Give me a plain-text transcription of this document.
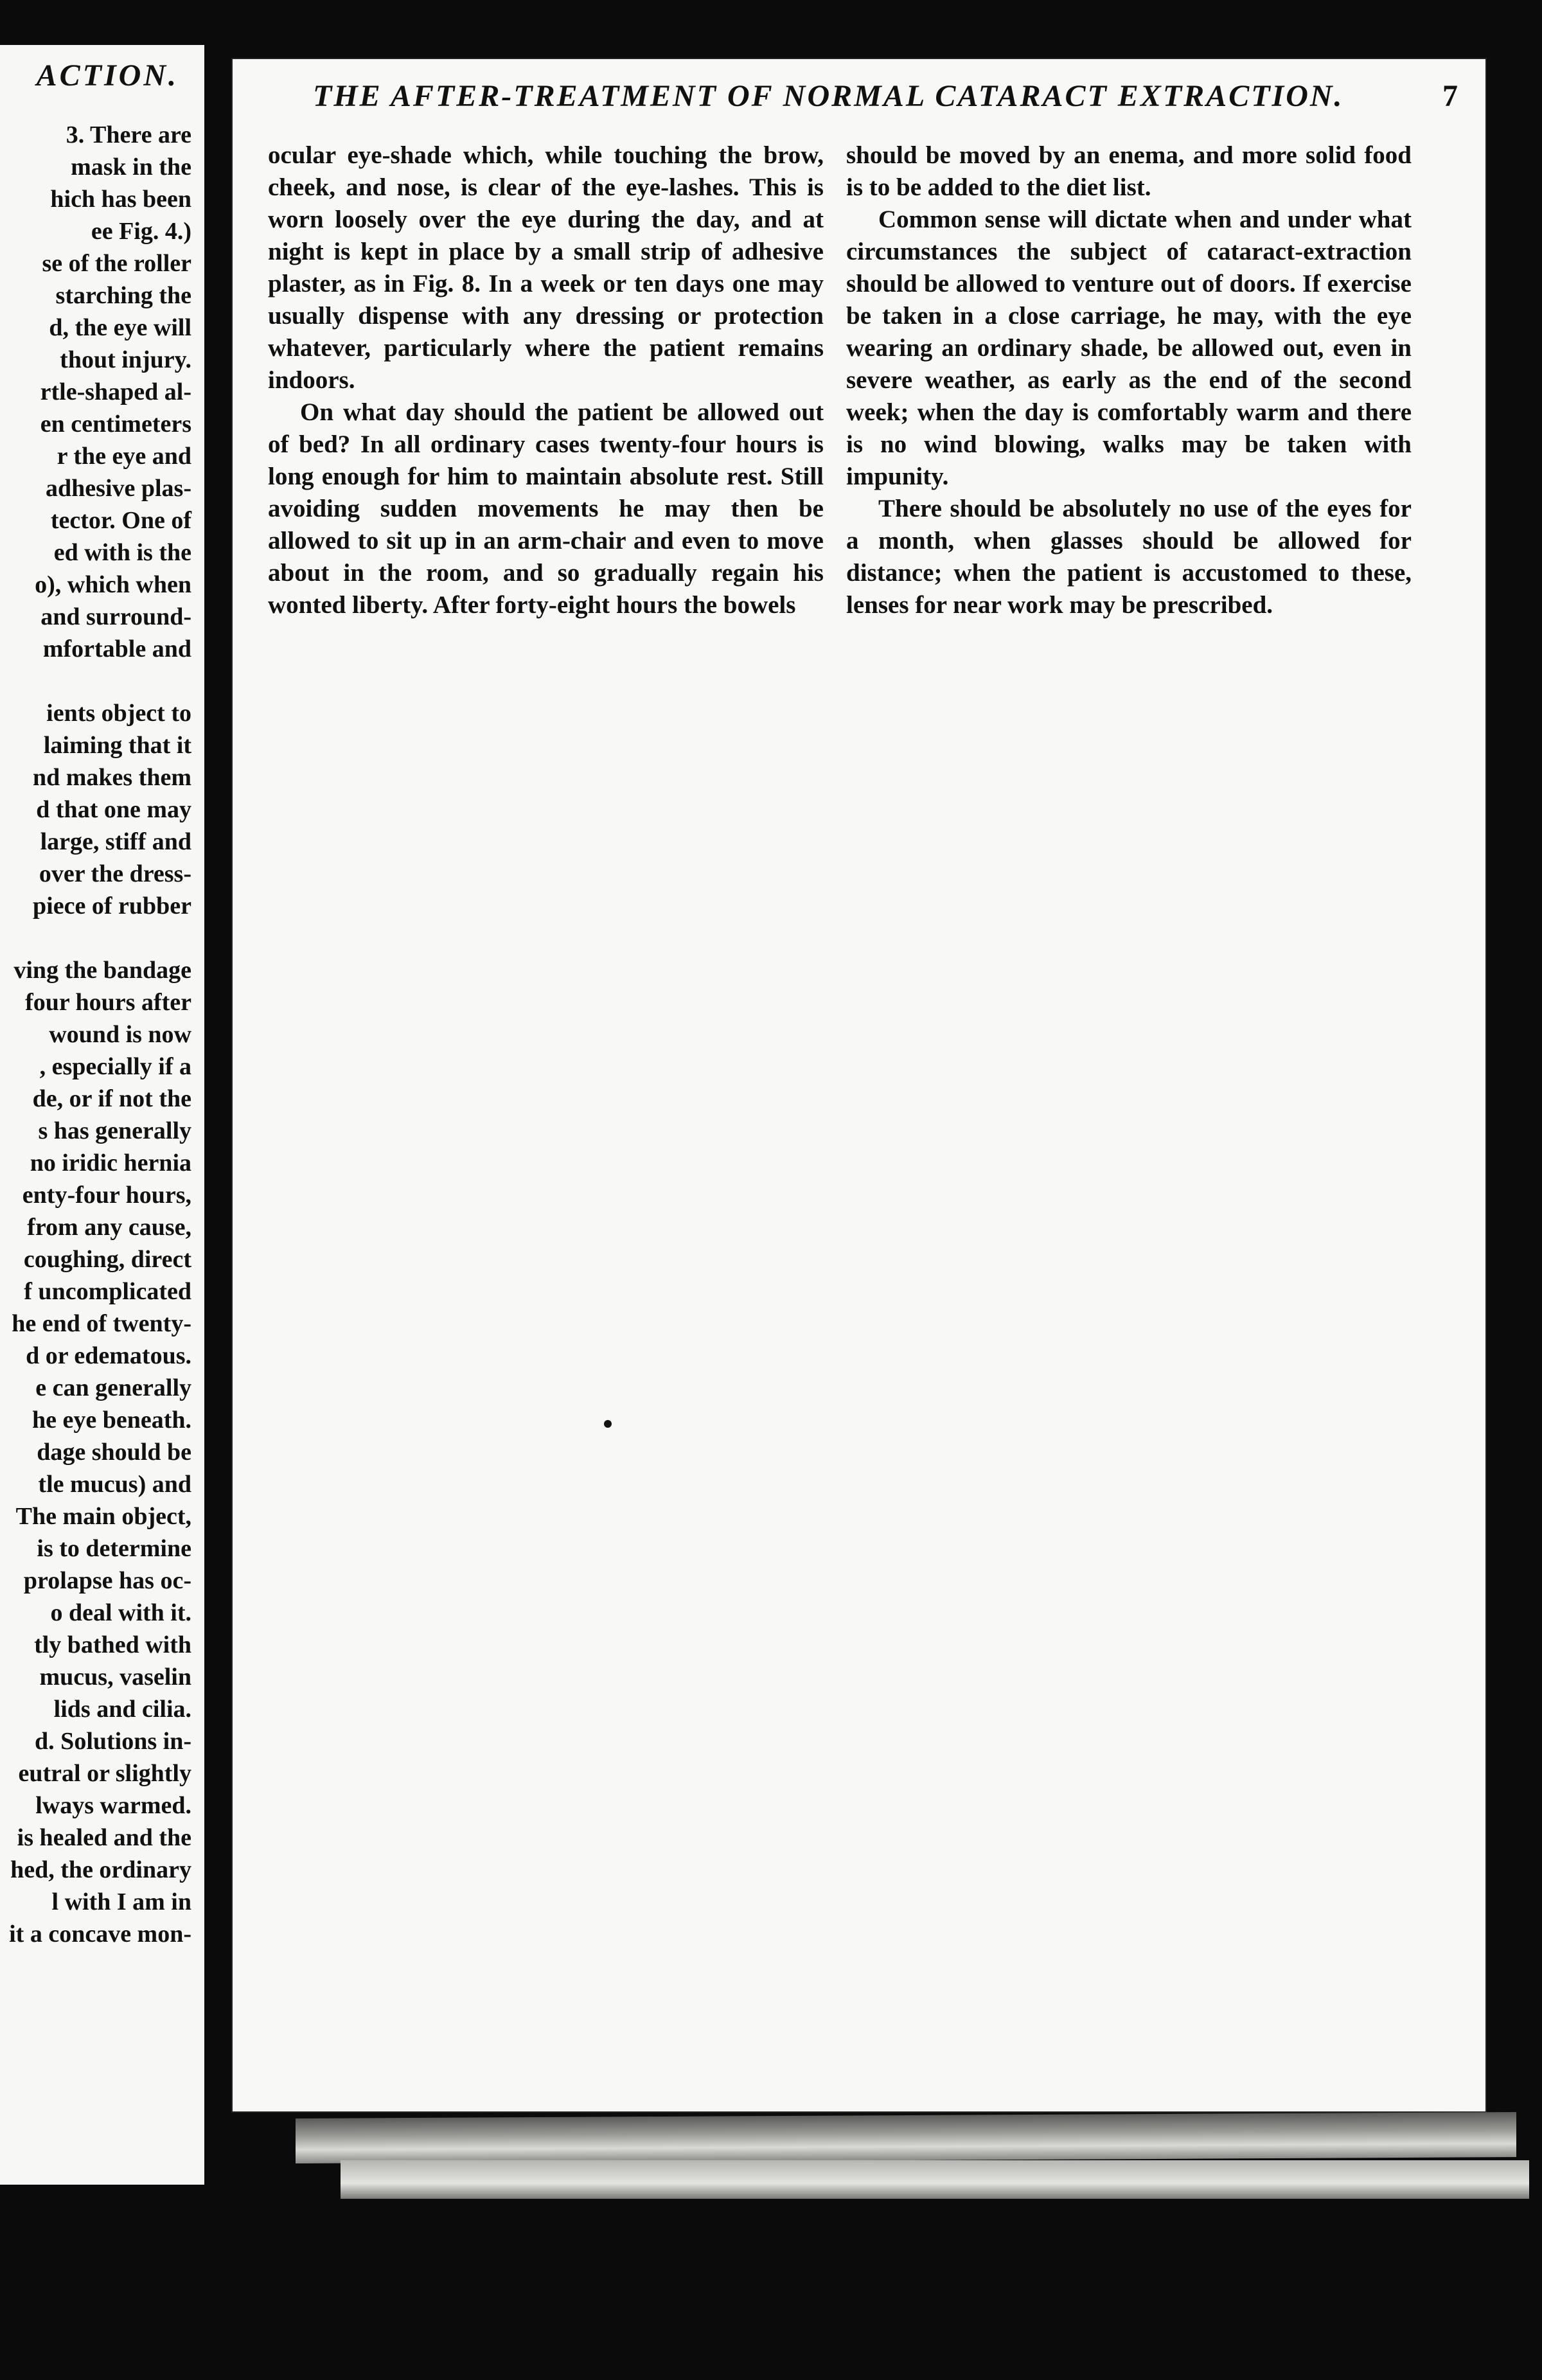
ACTION.
3. There are
mask in the
hich has been
ee Fig. 4.)
se of the roller
starching the
d, the eye will
thout injury.
rtle-shaped al-
en centimeters
r the eye and
adhesive plas-
tector. One of
ed with is the
o), which when
and surround-
mfortable and

ients object to
laiming that it
nd makes them
d that one may
large, stiff and
over the dress-
piece of rubber

ving the bandage
four hours after
wound is now
, especially if a
de, or if not the
s has generally
no iridic hernia
enty-four hours,
from any cause,
coughing, direct
f uncomplicated
he end of twenty-
d or edematous.
e can generally
he eye beneath.
dage should be
tle mucus) and
The main object,
is to determine
prolapse has oc-
o deal with it.
tly bathed with
mucus, vaselin
lids and cilia.
d. Solutions in-
eutral or slightly
lways warmed.
is healed and the
hed, the ordinary
l with I am in
it a concave mon-
THE AFTER-TREATMENT OF NORMAL CATARACT EXTRACTION.	7

ocular eye-shade which, while touching the brow, cheek, and nose, is clear of the eye-lashes. This is worn loosely over the eye during the day, and at night is kept in place by a small strip of adhesive plaster, as in Fig. 8. In a week or ten days one may usually dispense with any dressing or protection whatever, particularly where the patient remains indoors.

On what day should the patient be allowed out of bed? In all ordinary cases twenty-four hours is long enough for him to maintain absolute rest. Still avoiding sudden movements he may then be allowed to sit up in an arm-chair and even to move about in the room, and so gradually regain his wonted liberty. After forty-eight hours the bowels

should be moved by an enema, and more solid food is to be added to the diet list.

Common sense will dictate when and under what circumstances the subject of cataract-extraction should be allowed to venture out of doors. If exercise be taken in a close carriage, he may, with the eye wearing an ordinary shade, be allowed out, even in severe weather, as early as the end of the second week; when the day is comfortably warm and there is no wind blowing, walks may be taken with impunity.

There should be absolutely no use of the eyes for a month, when glasses should be allowed for distance; when the patient is accustomed to these, lenses for near work may be prescribed.
